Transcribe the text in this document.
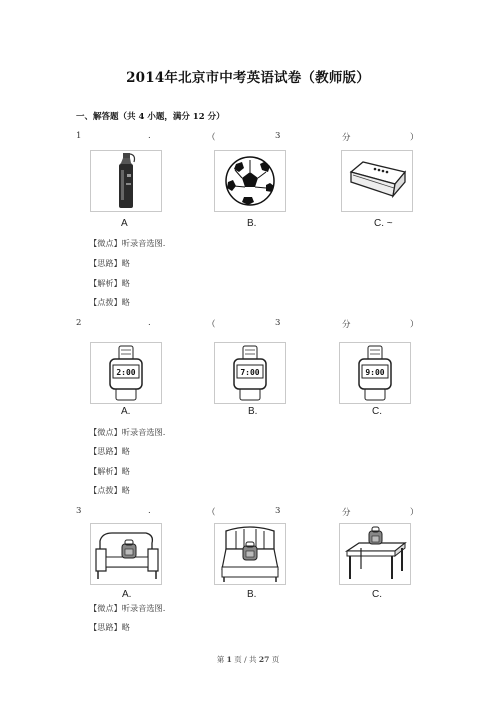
2014年北京市中考英语试卷（教师版）
一、解答题（共 4 小题，满分 12 分）
1	.	（	3	分	）
A	B.	C. ~
【微点】听录音选图.
【思路】略
【解析】略
【点拨】略
2	.	（	3	分	）
2:00
A.
7:00
B.
9:00
C.
【微点】听录音选图.
【思路】略
【解析】略
【点拨】略
3	.	（	3	分	）
A.	B.	C.
【微点】听录音选图.
【思路】略
第 1 页 / 共 27 页
